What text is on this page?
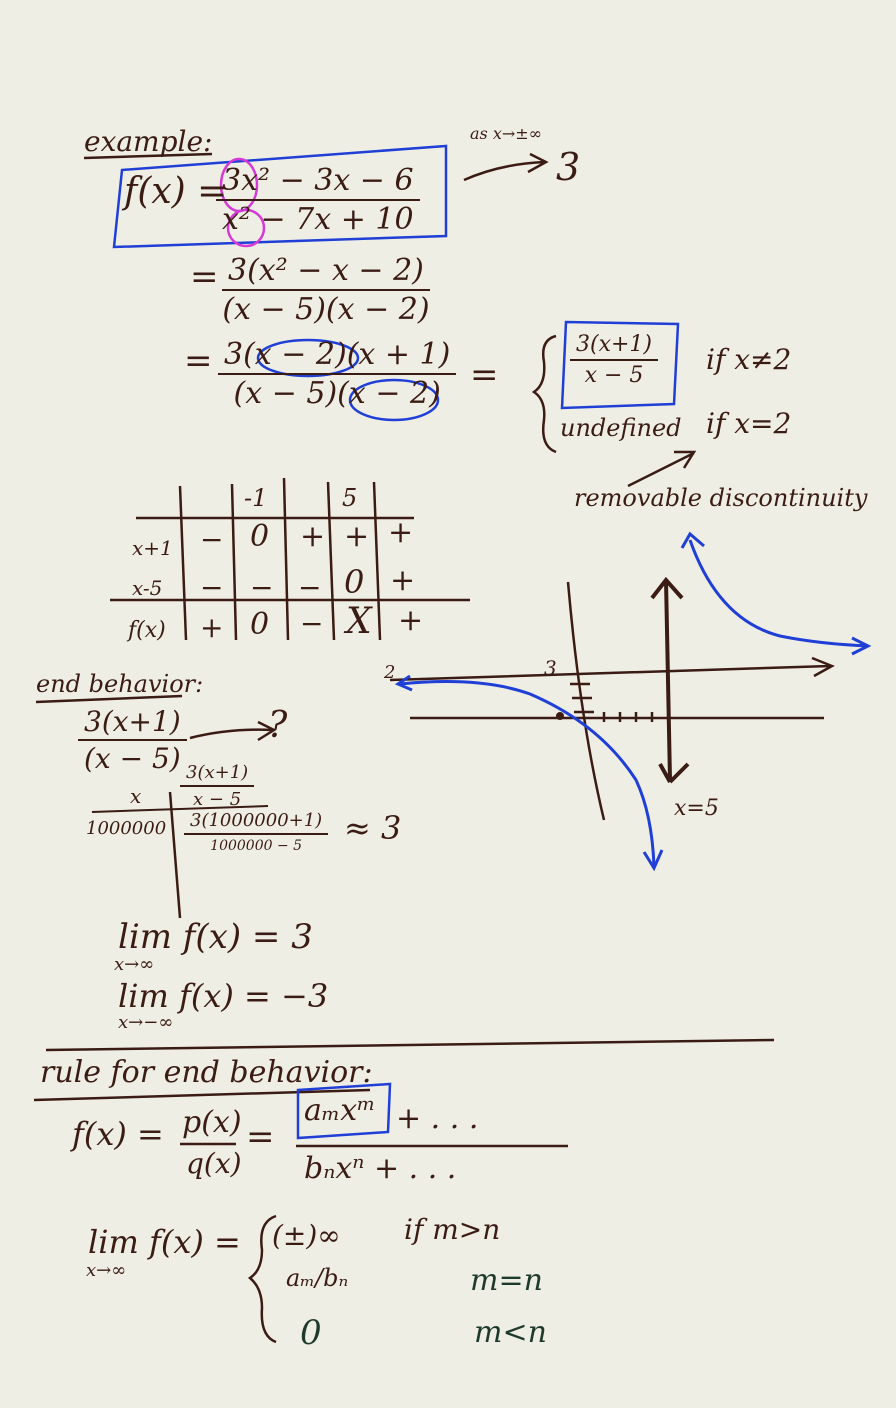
example:	as x→±∞
3
f(x) =
$\frac{\text{3x² − 3x − 6}}{\text{x² − 7x + 10}}$
= $\frac{\text{3(x² − x − 2)}}{(x - 5)(x - 2)}$
= $\frac{3(x - 2)(x + 1)}{(x - 5)(x - 2)}$ =	$\frac{3(x+1)}{x - 5}$ if x≠2
undefined if x=2
removable discontinuity
-1	5
x+1 − 0 + + +
x-5 − − − 0 +
f(x) + 0 − X +
3
2
x=5
end behavior:
$\frac{3(x+1)}{(x - 5)}$ ?
x $\frac{3(x+1)}{x - 5}$
1000000	3(1000000+1)
1000000 − 5	≈ 3
lim f(x) = 3
x→∞
lim f(x) = −3
x→−∞
rule for end behavior:
f(x) = p(x)
q(x)
=
aₘxᵐ + . . .
bₙxⁿ + . . .
lim f(x) =
x→∞
(±)∞ if m>n
aₘ/bₙ	m=n
0	m<n
